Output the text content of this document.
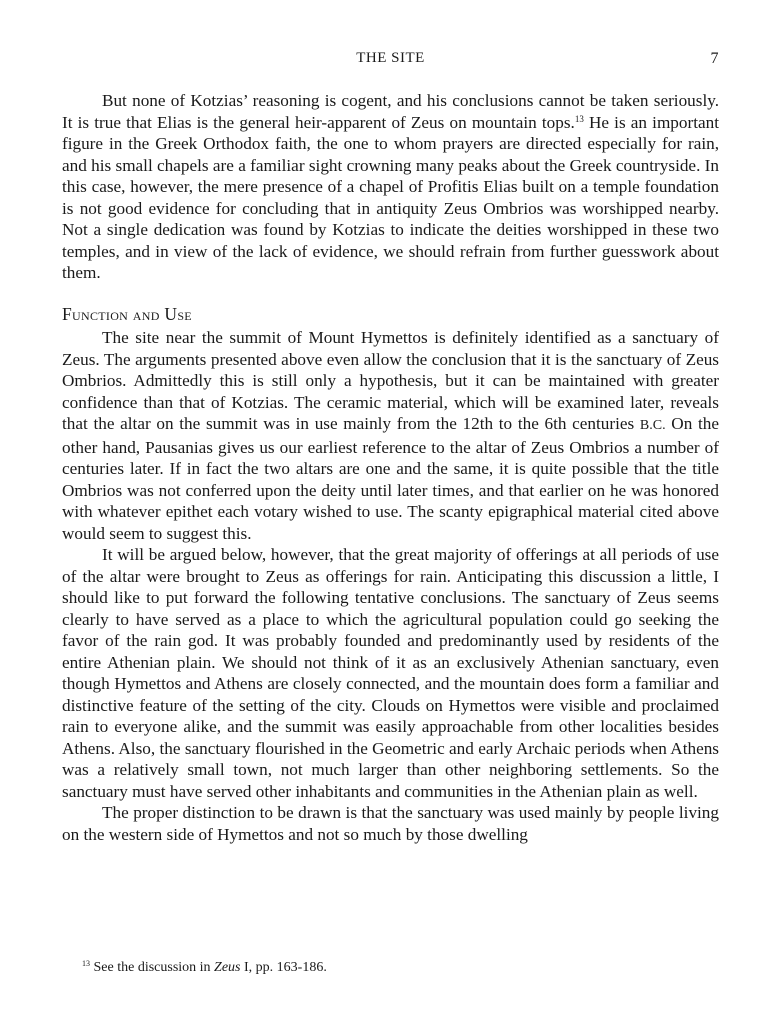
THE SITE	7

But none of Kotzias’ reasoning is cogent, and his conclusions cannot be taken seriously. It is true that Elias is the general heir-apparent of Zeus on mountain tops.$^{13}$ He is an important figure in the Greek Orthodox faith, the one to whom prayers are directed especially for rain, and his small chapels are a familiar sight crowning many peaks about the Greek countryside. In this case, however, the mere presence of a chapel of Profitis Elias built on a temple foundation is not good evidence for concluding that in antiquity Zeus Ombrios was worshipped nearby. Not a single dedication was found by Kotzias to indicate the deities worshipped in these two temples, and in view of the lack of evidence, we should refrain from further guesswork about them.

Function and Use

The site near the summit of Mount Hymettos is definitely identified as a sanctuary of Zeus. The arguments presented above even allow the conclusion that it is the sanctuary of Zeus Ombrios. Admittedly this is still only a hypothesis, but it can be maintained with greater confidence than that of Kotzias. The ceramic material, which will be examined later, reveals that the altar on the summit was in use mainly from the 12th to the 6th centuries B.C. On the other hand, Pausanias gives us our earliest reference to the altar of Zeus Ombrios a number of centuries later. If in fact the two altars are one and the same, it is quite possible that the title Ombrios was not conferred upon the deity until later times, and that earlier on he was honored with whatever epithet each votary wished to use. The scanty epigraphical material cited above would seem to suggest this.

It will be argued below, however, that the great majority of offerings at all periods of use of the altar were brought to Zeus as offerings for rain. Anticipating this discussion a little, I should like to put forward the following tentative conclusions. The sanctuary of Zeus seems clearly to have served as a place to which the agricultural population could go seeking the favor of the rain god. It was probably founded and predominantly used by residents of the entire Athenian plain. We should not think of it as an exclusively Athenian sanctuary, even though Hymettos and Athens are closely connected, and the mountain does form a familiar and distinctive feature of the setting of the city. Clouds on Hymettos were visible and proclaimed rain to everyone alike, and the summit was easily approachable from other localities besides Athens. Also, the sanctuary flourished in the Geometric and early Archaic periods when Athens was a relatively small town, not much larger than other neighboring settlements. So the sanctuary must have served other inhabitants and communities in the Athenian plain as well.

The proper distinction to be drawn is that the sanctuary was used mainly by people living on the western side of Hymettos and not so much by those dwelling

$^{13}$ See the discussion in Zeus I, pp. 163-186.
